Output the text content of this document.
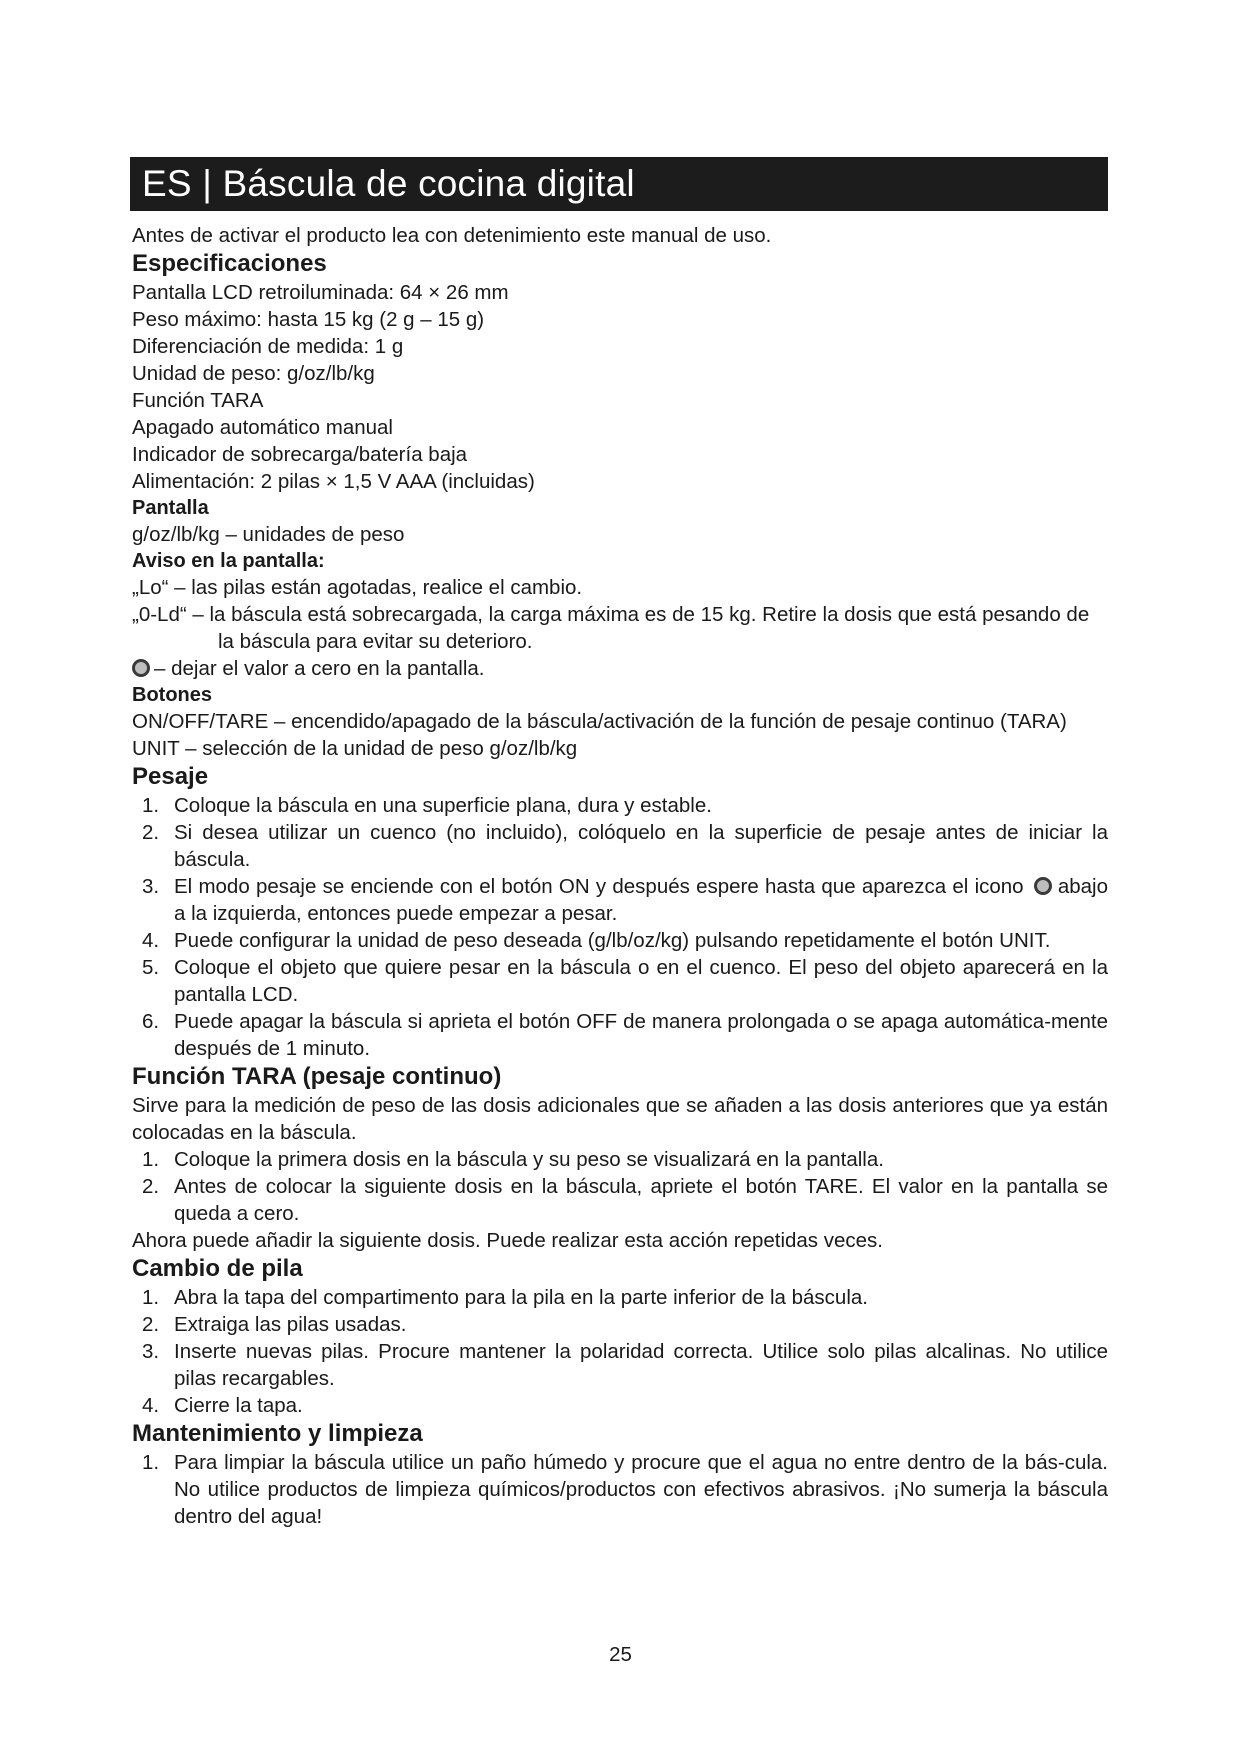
ES | Báscula de cocina digital

Antes de activar el producto lea con detenimiento este manual de uso.

Especificaciones

Pantalla LCD retroiluminada: 64 × 26 mm

Peso máximo: hasta 15 kg (2 g – 15 g)

Diferenciación de medida: 1 g

Unidad de peso: g/oz/lb/kg

Función TARA

Apagado automático manual

Indicador de sobrecarga/batería baja

Alimentación: 2 pilas × 1,5 V AAA (incluidas)

Pantalla

g/oz/lb/kg – unidades de peso

Aviso en la pantalla:

„Lo“ – las pilas están agotadas, realice el cambio.

„0-Ld“ – la báscula está sobrecargada, la carga máxima es de 15 kg. Retire la dosis que está pesando de la báscula para evitar su deterioro.

– dejar el valor a cero en la pantalla.

Botones

ON/OFF/TARE – encendido/apagado de la báscula/activación de la función de pesaje continuo (TARA)

UNIT – selección de la unidad de peso g/oz/lb/kg

Pesaje

1. Coloque la báscula en una superficie plana, dura y estable.
2. Si desea utilizar un cuenco (no incluido), colóquelo en la superficie de pesaje antes de iniciar la báscula.
3. El modo pesaje se enciende con el botón ON y después espere hasta que aparezca el icono abajo a la izquierda, entonces puede empezar a pesar.
4. Puede configurar la unidad de peso deseada (g/lb/oz/kg) pulsando repetidamente el botón UNIT.
5. Coloque el objeto que quiere pesar en la báscula o en el cuenco. El peso del objeto aparecerá en la pantalla LCD.
6. Puede apagar la báscula si aprieta el botón OFF de manera prolongada o se apaga automática-mente después de 1 minuto.

Función TARA (pesaje continuo)

Sirve para la medición de peso de las dosis adicionales que se añaden a las dosis anteriores que ya están colocadas en la báscula.

1. Coloque la primera dosis en la báscula y su peso se visualizará en la pantalla.
2. Antes de colocar la siguiente dosis en la báscula, apriete el botón TARE. El valor en la pantalla se queda a cero.

Ahora puede añadir la siguiente dosis. Puede realizar esta acción repetidas veces.

Cambio de pila

1. Abra la tapa del compartimento para la pila en la parte inferior de la báscula.
2. Extraiga las pilas usadas.
3. Inserte nuevas pilas. Procure mantener la polaridad correcta. Utilice solo pilas alcalinas. No utilice pilas recargables.
4. Cierre la tapa.

Mantenimiento y limpieza

1. Para limpiar la báscula utilice un paño húmedo y procure que el agua no entre dentro de la bás-cula. No utilice productos de limpieza químicos/productos con efectivos abrasivos. ¡No sumerja la báscula dentro del agua!
25
